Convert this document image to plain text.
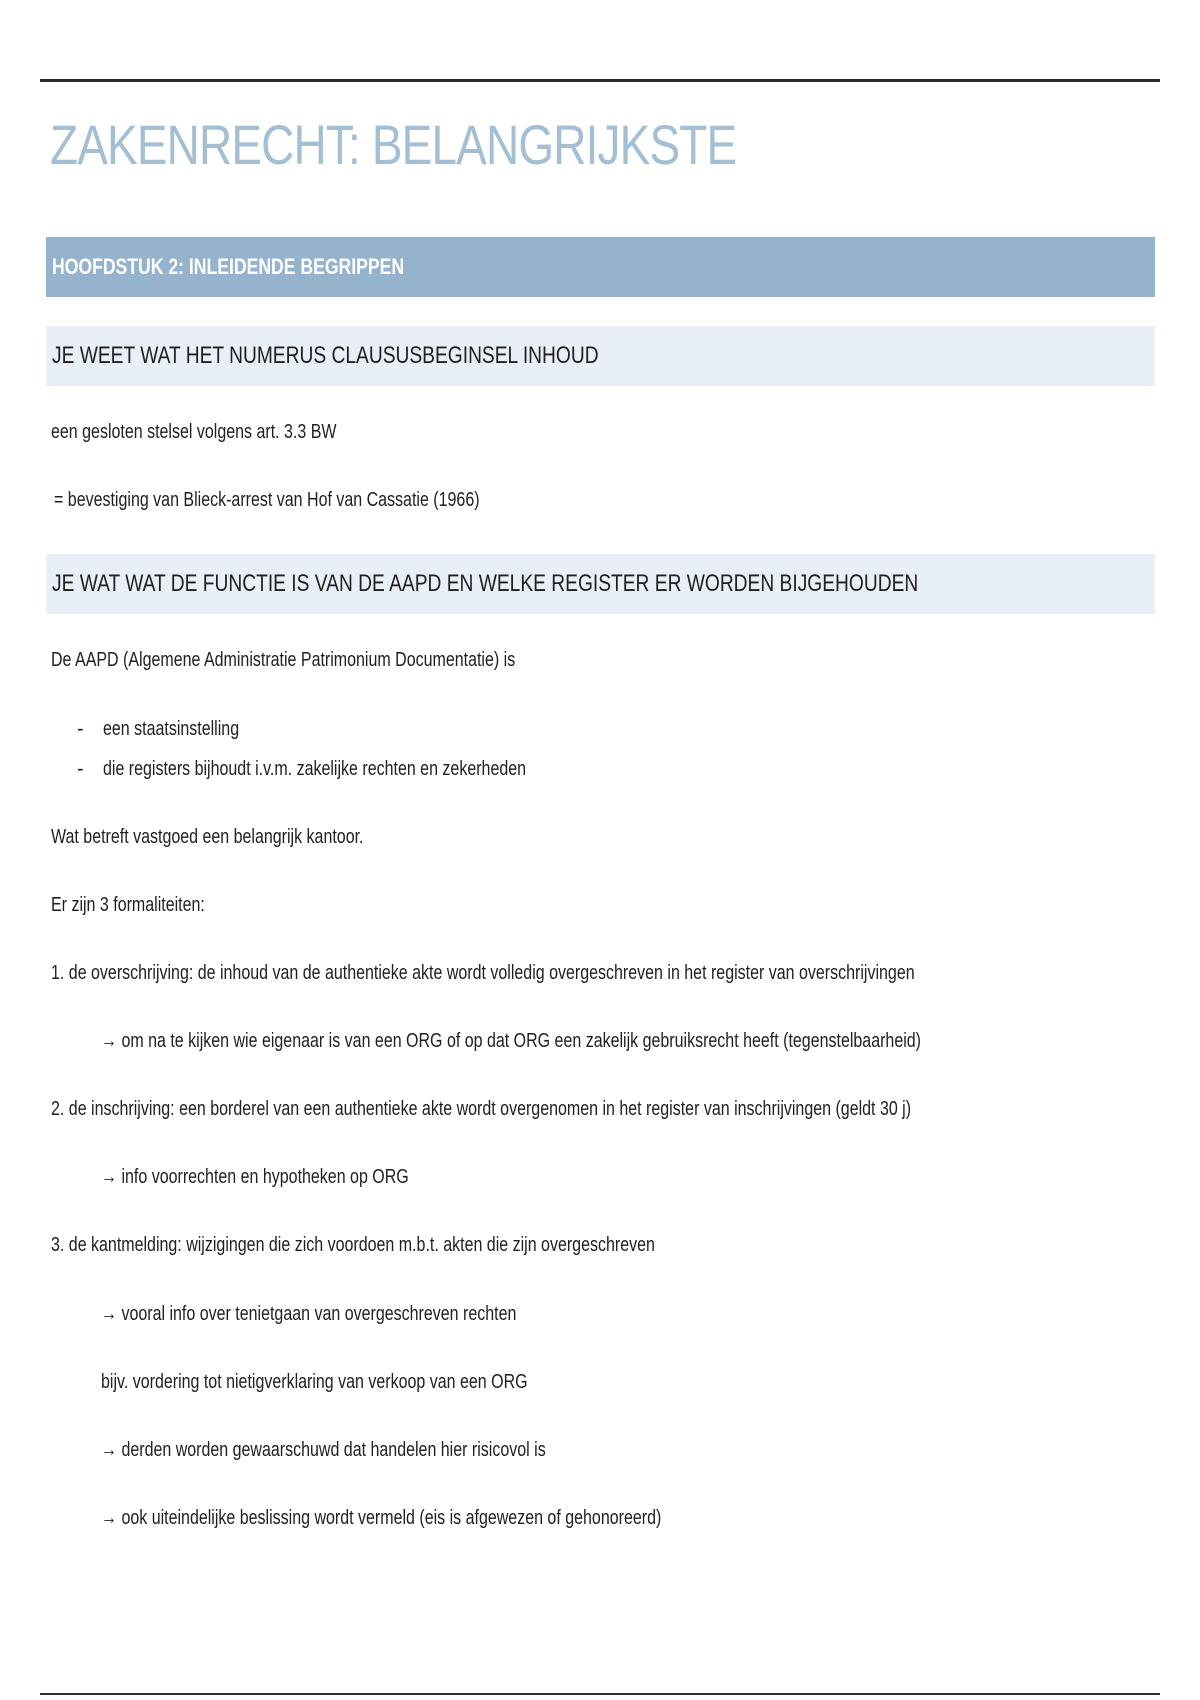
ZAKENRECHT: BELANGRIJKSTE
HOOFDSTUK 2: INLEIDENDE BEGRIPPEN
JE WEET WAT HET NUMERUS CLAUSUSBEGINSEL INHOUD

een gesloten stelsel volgens art. 3.3 BW

= bevestiging van Blieck-arrest van Hof van Cassatie (1966)

JE WAT WAT DE FUNCTIE IS VAN DE AAPD EN WELKE REGISTER ER WORDEN BIJGEHOUDEN

De AAPD (Algemene Administratie Patrimonium Documentatie) is

- een staatsinstelling

- die registers bijhoudt i.v.m. zakelijke rechten en zekerheden

Wat betreft vastgoed een belangrijk kantoor.

Er zijn 3 formaliteiten:

1. de overschrijving: de inhoud van de authentieke akte wordt volledig overgeschreven in het register van overschrijvingen

→ om na te kijken wie eigenaar is van een ORG of op dat ORG een zakelijk gebruiksrecht heeft (tegenstelbaarheid)

2. de inschrijving: een borderel van een authentieke akte wordt overgenomen in het register van inschrijvingen (geldt 30 j)

→ info voorrechten en hypotheken op ORG

3. de kantmelding: wijzigingen die zich voordoen m.b.t. akten die zijn overgeschreven

→ vooral info over tenietgaan van overgeschreven rechten

bijv. vordering tot nietigverklaring van verkoop van een ORG

→ derden worden gewaarschuwd dat handelen hier risicovol is

→ ook uiteindelijke beslissing wordt vermeld (eis is afgewezen of gehonoreerd)
